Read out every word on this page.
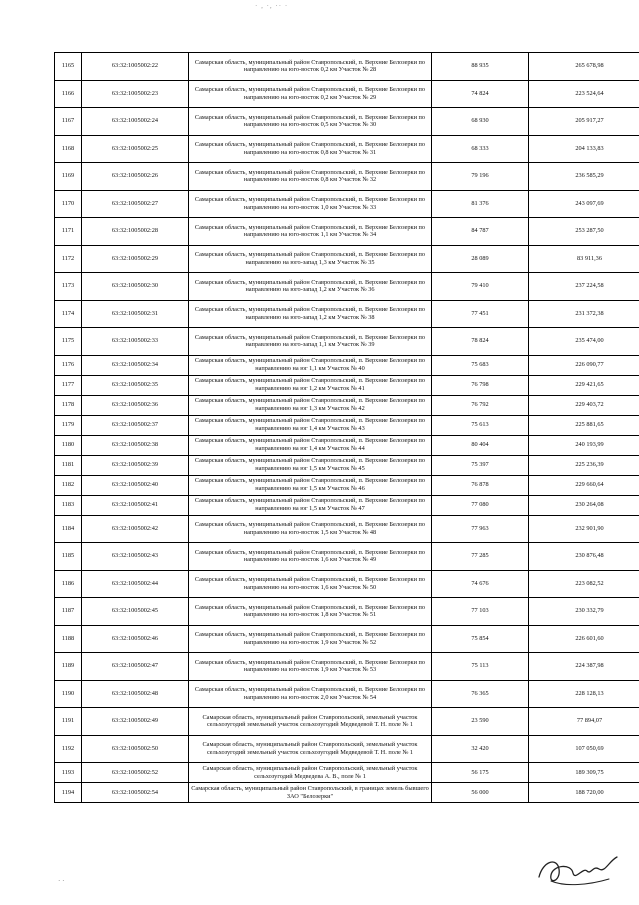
· , ·, ·· ·
1165	63:32:1005002:22	Самарская область, муниципальный район Ставропольский, п. Верхние Белозерки по направлению на юго-восток 0,2 км Участок № 28	88 935	265 678,98
1166	63:32:1005002:23	Самарская область, муниципальный район Ставропольский, п. Верхние Белозерки по направлению на юго-восток 0,2 км Участок № 29	74 824	223 524,64
1167	63:32:1005002:24	Самарская область, муниципальный район Ставропольский, п. Верхние Белозерки по направлению на юго-восток 0,5 км Участок № 30	68 930	205 917,27
1168	63:32:1005002:25	Самарская область, муниципальный район Ставропольский, п. Верхние Белозерки по направлению на юго-восток 0,8 км Участок № 31	68 333	204 133,83
1169	63:32:1005002:26	Самарская область, муниципальный район Ставропольский, п. Верхние Белозерки по направлению на юго-восток 0,8 км Участок № 32	79 196	236 585,29
1170	63:32:1005002:27	Самарская область, муниципальный район Ставропольский, п. Верхние Белозерки по направлению на юго-восток 1,0 км Участок № 33	81 376	243 097,69
1171	63:32:1005002:28	Самарская область, муниципальный район Ставропольский, п. Верхние Белозерки по направлению на юго-восток 1,1 км Участок № 34	84 787	253 287,50
1172	63:32:1005002:29	Самарская область, муниципальный район Ставропольский, п. Верхние Белозерки по направлению на юго-запад 1,3 км Участок № 35	28 089	83 911,36
1173	63:32:1005002:30	Самарская область, муниципальный район Ставропольский, п. Верхние Белозерки по направлению на юго-запад 1,2 км Участок № 36	79 410	237 224,58
1174	63:32:1005002:31	Самарская область, муниципальный район Ставропольский, п. Верхние Белозерки по направлению на юго-запад 1,2 км Участок № 38	77 451	231 372,38
1175	63:32:1005002:33	Самарская область, муниципальный район Ставропольский, п. Верхние Белозерки по направлению на юго-запад 1,1 км Участок № 39	78 824	235 474,00
1176	63:32:1005002:34	Самарская область, муниципальный район Ставропольский, п. Верхние Белозерки по направлению на юг 1,1 км Участок № 40	75 683	226 090,77
1177	63:32:1005002:35	Самарская область, муниципальный район Ставропольский, п. Верхние Белозерки по направлению на юг 1,2 км Участок № 41	76 798	229 421,65
1178	63:32:1005002:36	Самарская область, муниципальный район Ставропольский, п. Верхние Белозерки по направлению на юг 1,3 км Участок № 42	76 792	229 403,72
1179	63:32:1005002:37	Самарская область, муниципальный район Ставропольский, п. Верхние Белозерки по направлению на юг 1,4 км Участок № 43	75 613	225 881,65
1180	63:32:1005002:38	Самарская область, муниципальный район Ставропольский, п. Верхние Белозерки по направлению на юг 1,4 км Участок № 44	80 404	240 193,99
1181	63:32:1005002:39	Самарская область, муниципальный район Ставропольский, п. Верхние Белозерки по направлению на юг 1,5 км Участок № 45	75 397	225 236,39
1182	63:32:1005002:40	Самарская область, муниципальный район Ставропольский, п. Верхние Белозерки по направлению на юг 1,5 км Участок № 46	76 878	229 660,64
1183	63:32:1005002:41	Самарская область, муниципальный район Ставропольский, п. Верхние Белозерки по направлению на юг 1,5 км Участок № 47	77 080	230 264,08
1184	63:32:1005002:42	Самарская область, муниципальный район Ставропольский, п. Верхние Белозерки по направлению на юго-восток 1,5 км Участок № 48	77 963	232 901,90
1185	63:32:1005002:43	Самарская область, муниципальный район Ставропольский, п. Верхние Белозерки по направлению на юго-восток 1,6 км Участок № 49	77 285	230 876,48
1186	63:32:1005002:44	Самарская область, муниципальный район Ставропольский, п. Верхние Белозерки по направлению на юго-восток 1,6 км Участок № 50	74 676	223 082,52
1187	63:32:1005002:45	Самарская область, муниципальный район Ставропольский, п. Верхние Белозерки по направлению на юго-восток 1,8 км Участок № 51	77 103	230 332,79
1188	63:32:1005002:46	Самарская область, муниципальный район Ставропольский, п. Верхние Белозерки по направлению на юго-восток 1,9 км Участок № 52	75 854	226 601,60
1189	63:32:1005002:47	Самарская область, муниципальный район Ставропольский, п. Верхние Белозерки по направлению на юго-восток 1,9 км Участок № 53	75 113	224 387,98
1190	63:32:1005002:48	Самарская область, муниципальный район Ставропольский, п. Верхние Белозерки по направлению на юго-восток 2,0 км Участок № 54	76 365	228 128,13
1191	63:32:1005002:49	Самарская область, муниципальный район Ставропольский, земельный участок сельхозугодий земельный участок сельхозугодий Медведевой Т. Н. поле № 1	23 590	77 894,07
1192	63:32:1005002:50	Самарская область, муниципальный район Ставропольский, земельный участок сельхозугодий земельный участок сельхозугодий Медведевой Т. Н. поле № 1	32 420	107 050,69
1193	63:32:1005002:52	Самарская область, муниципальный район Ставропольский, земельный участок сельхозугодий Медведева А. В., поле № 1	56 175	189 309,75
1194	63:32:1005002:54	Самарская область, муниципальный район Ставропольский, в границах земель бывшего ЗАО "Белозерки"	56 000	188 720,00
· ·
